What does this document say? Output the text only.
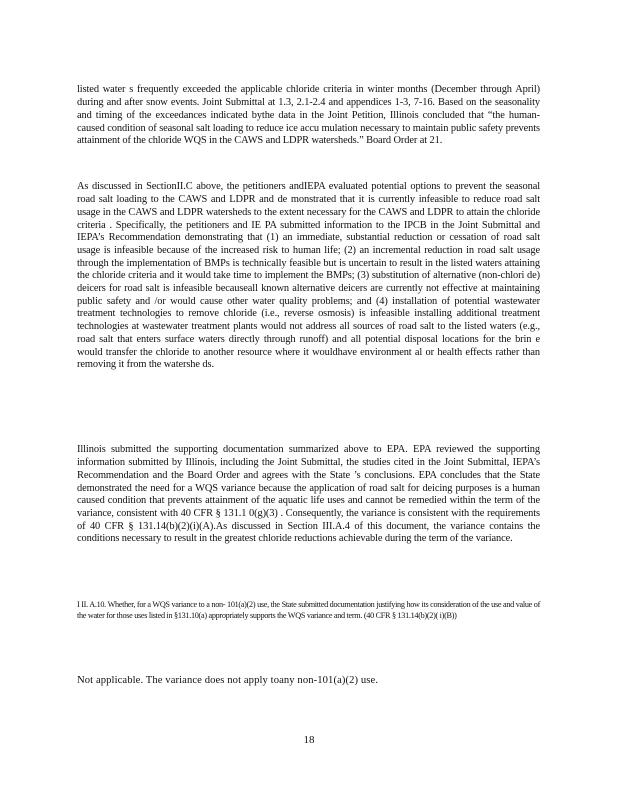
listed water s frequently exceeded the applicable chloride criteria in winter months (December through April) during and after snow events. Joint Submittal at 1.3, 2.1-2.4 and appendices 1-3, 7-16. Based on the seasonality and timing of the exceedances indicated bythe data in the Joint Petition, Illinois concluded that “the human-caused condition of seasonal salt loading to reduce ice accu mulation necessary to maintain public safety prevents attainment of the chloride WQS in the CAWS and LDPR watersheds.” Board Order at 21.

As discussed in SectionII.C above, the petitioners andIEPA evaluated potential options to prevent the seasonal road salt loading to the CAWS and LDPR and de monstrated that it is currently infeasible to reduce road salt usage in the CAWS and LDPR watersheds to the extent necessary for the CAWS and LDPR to attain the chloride criteria . Specifically, the petitioners and IE PA submitted information to the IPCB in the Joint Submittal and IEPA’s Recommendation demonstrating that (1) an immediate, substantial reduction or cessation of road salt usage is infeasible because of the increased risk to human life; (2) an incremental reduction in road salt usage through the implementation of BMPs is technically feasible but is uncertain to result in the listed waters attaining the chloride criteria and it would take time to implement the BMPs; (3) substitution of alternative (non-chlori de) deicers for road salt is infeasible becauseall known alternative deicers are currently not effective at maintaining public safety and /or would cause other water quality problems; and (4) installation of potential wastewater treatment technologies to remove chloride (i.e., reverse osmosis) is infeasible installing additional treatment technologies at wastewater treatment plants would not address all sources of road salt to the listed waters (e.g., road salt that enters surface waters directly through runoff) and all potential disposal locations for the brin e would transfer the chloride to another resource where it wouldhave environment al or health effects rather than removing it from the watershe ds.

Illinois submitted the supporting documentation summarized above to EPA. EPA reviewed the supporting information submitted by Illinois, including the Joint Submittal, the studies cited in the Joint Submittal, IEPA’s Recommendation and the Board Order and agrees with the State ’s conclusions. EPA concludes that the State demonstrated the need for a WQS variance because the application of road salt for deicing purposes is a human caused condition that prevents attainment of the aquatic life uses and cannot be remedied within the term of the variance, consistent with 40 CFR § 131.1 0(g)(3) . Consequently, the variance is consistent with the requirements of 40 CFR § 131.14(b)(2)(i)(A).As discussed in Section III.A.4 of this document, the variance contains the conditions necessary to result in the greatest chloride reductions achievable during the term of the variance.

I II. A.10. Whether, for a WQS variance to a non- 101(a)(2) use, the State submitted documentation justifying how its consideration of the use and value of the water for those uses listed in §131.10(a) appropriately supports the WQS variance and term. (40 CFR § 131.14(b)(2)( i)(B))

Not applicable. The variance does not apply toany non-101(a)(2) use.

18
